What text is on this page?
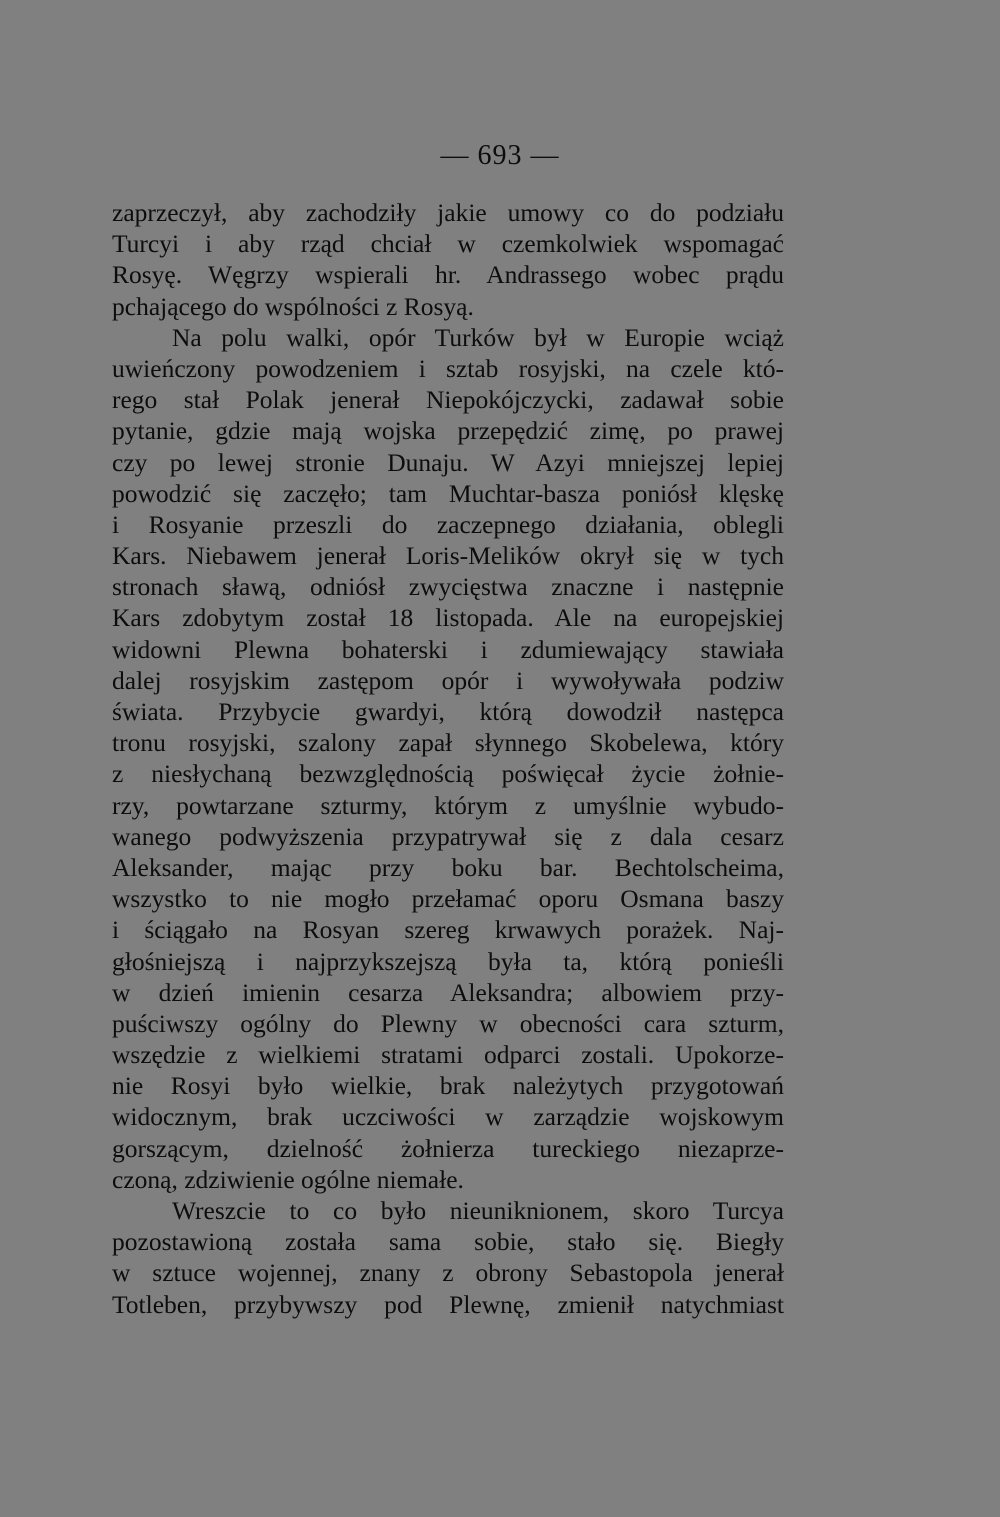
— 693 —
zaprzeczył, aby zachodziły jakie umowy co do podziału
Turcyi i aby rząd chciał w czemkolwiek wspomagać
Rosyę. Węgrzy wspierali hr. Andrassego wobec prądu
pchającego do wspólności z Rosyą.
Na polu walki, opór Turków był w Europie wciąż
uwieńczony powodzeniem i sztab rosyjski, na czele któ-
rego stał Polak jenerał Niepokójczycki, zadawał sobie
pytanie, gdzie mają wojska przepędzić zimę, po prawej
czy po lewej stronie Dunaju. W Azyi mniejszej lepiej
powodzić się zaczęło; tam Muchtar-basza poniósł klęskę
i Rosyanie przeszli do zaczepnego działania, oblegli
Kars. Niebawem jenerał Loris-Melików okrył się w tych
stronach sławą, odniósł zwycięstwa znaczne i następnie
Kars zdobytym został 18 listopada. Ale na europejskiej
widowni Plewna bohaterski i zdumiewający stawiała
dalej rosyjskim zastępom opór i wywoływała podziw
świata. Przybycie gwardyi, którą dowodził następca
tronu rosyjski, szalony zapał słynnego Skobelewa, który
z niesłychaną bezwzględnością poświęcał życie żołnie-
rzy, powtarzane szturmy, którym z umyślnie wybudo-
wanego podwyższenia przypatrywał się z dala cesarz
Aleksander, mając przy boku bar. Bechtolscheima,
wszystko to nie mogło przełamać oporu Osmana baszy
i ściągało na Rosyan szereg krwawych porażek. Naj-
głośniejszą i najprzykszejszą była ta, którą ponieśli
w dzień imienin cesarza Aleksandra; albowiem przy-
puściwszy ogólny do Plewny w obecności cara szturm,
wszędzie z wielkiemi stratami odparci zostali. Upokorze-
nie Rosyi było wielkie, brak należytych przygotowań
widocznym, brak uczciwości w zarządzie wojskowym
gorszącym, dzielność żołnierza tureckiego niezaprze-
czoną, zdziwienie ogólne niemałe.
Wreszcie to co było nieuniknionem, skoro Turcya
pozostawioną została sama sobie, stało się. Biegły
w sztuce wojennej, znany z obrony Sebastopola jenerał
Totleben, przybywszy pod Plewnę, zmienił natychmiast
